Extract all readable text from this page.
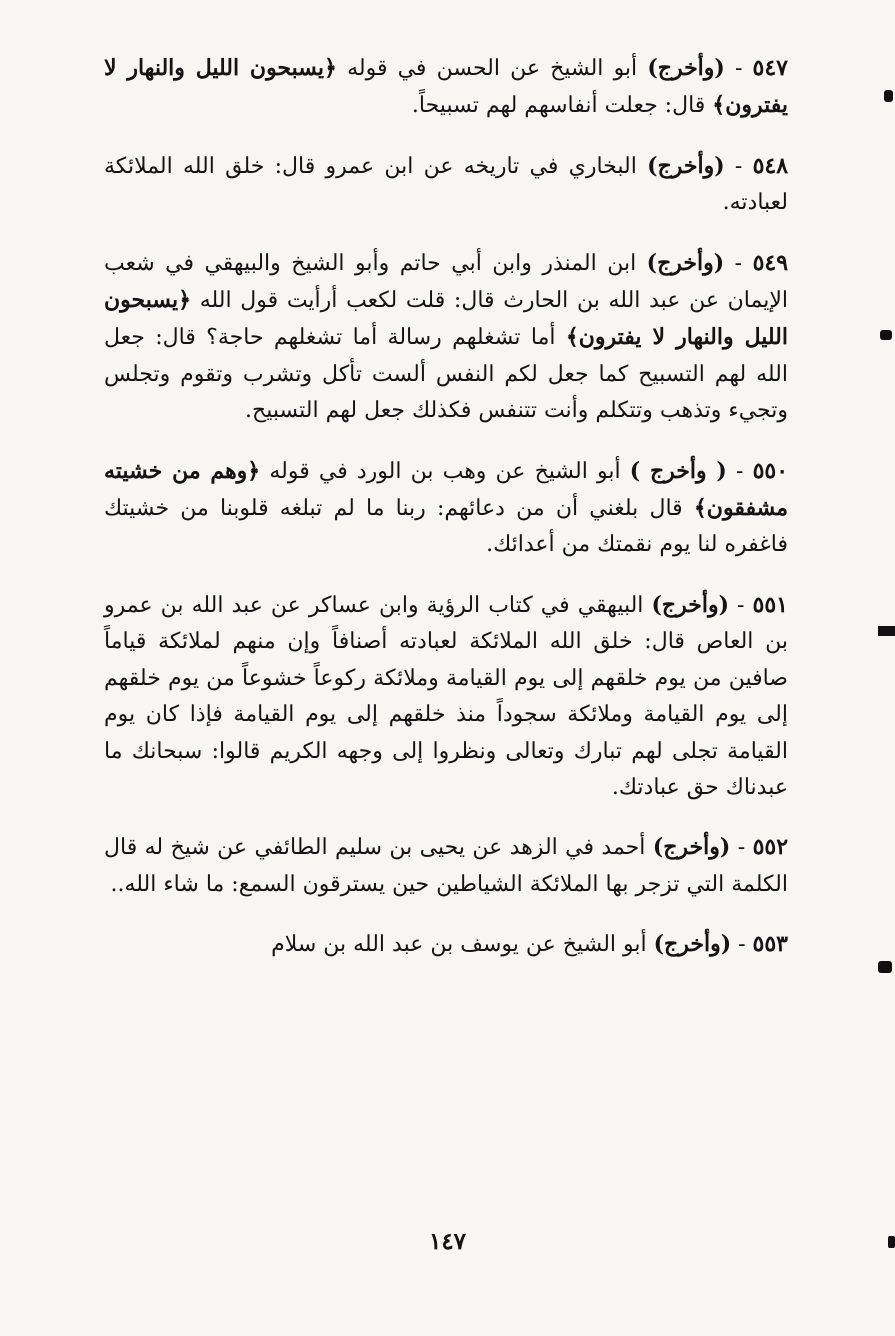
٥٤٧ - (وأخرج) أبو الشيخ عن الحسن في قوله ﴿يسبحون الليل والنهار لا يفترون﴾ قال: جعلت أنفاسهم لهم تسبيحاً.

٥٤٨ - (وأخرج) البخاري في تاريخه عن ابن عمرو قال: خلق الله الملائكة لعبادته.

٥٤٩ - (وأخرج) ابن المنذر وابن أبي حاتم وأبو الشيخ والبيهقي في شعب الإيمان عن عبد الله بن الحارث قال: قلت لكعب أرأيت قول الله ﴿يسبحون الليل والنهار لا يفترون﴾ أما تشغلهم رسالة أما تشغلهم حاجة؟ قال: جعل الله لهم التسبيح كما جعل لكم النفس ألست تأكل وتشرب وتقوم وتجلس وتجيء وتذهب وتتكلم وأنت تتنفس فكذلك جعل لهم التسبيح.

٥٥٠ - ( وأخرج ) أبو الشيخ عن وهب بن الورد في قوله ﴿وهم من خشيته مشفقون﴾ قال بلغني أن من دعائهم: ربنا ما لم تبلغه قلوبنا من خشيتك فاغفره لنا يوم نقمتك من أعدائك.

٥٥١ - (وأخرج) البيهقي في كتاب الرؤية وابن عساكر عن عبد الله بن عمرو بن العاص قال: خلق الله الملائكة لعبادته أصنافاً وإن منهم لملائكة قياماً صافين من يوم خلقهم إلى يوم القيامة وملائكة ركوعاً خشوعاً من يوم خلقهم إلى يوم القيامة وملائكة سجوداً منذ خلقهم إلى يوم القيامة فإذا كان يوم القيامة تجلى لهم تبارك وتعالى ونظروا إلى وجهه الكريم قالوا: سبحانك ما عبدناك حق عبادتك.

٥٥٢ - (وأخرج) أحمد في الزهد عن يحيى بن سليم الطائفي عن شيخ له قال الكلمة التي تزجر بها الملائكة الشياطين حين يسترقون السمع: ما شاء الله..

٥٥٣ - (وأخرج) أبو الشيخ عن يوسف بن عبد الله بن سلام

١٤٧
